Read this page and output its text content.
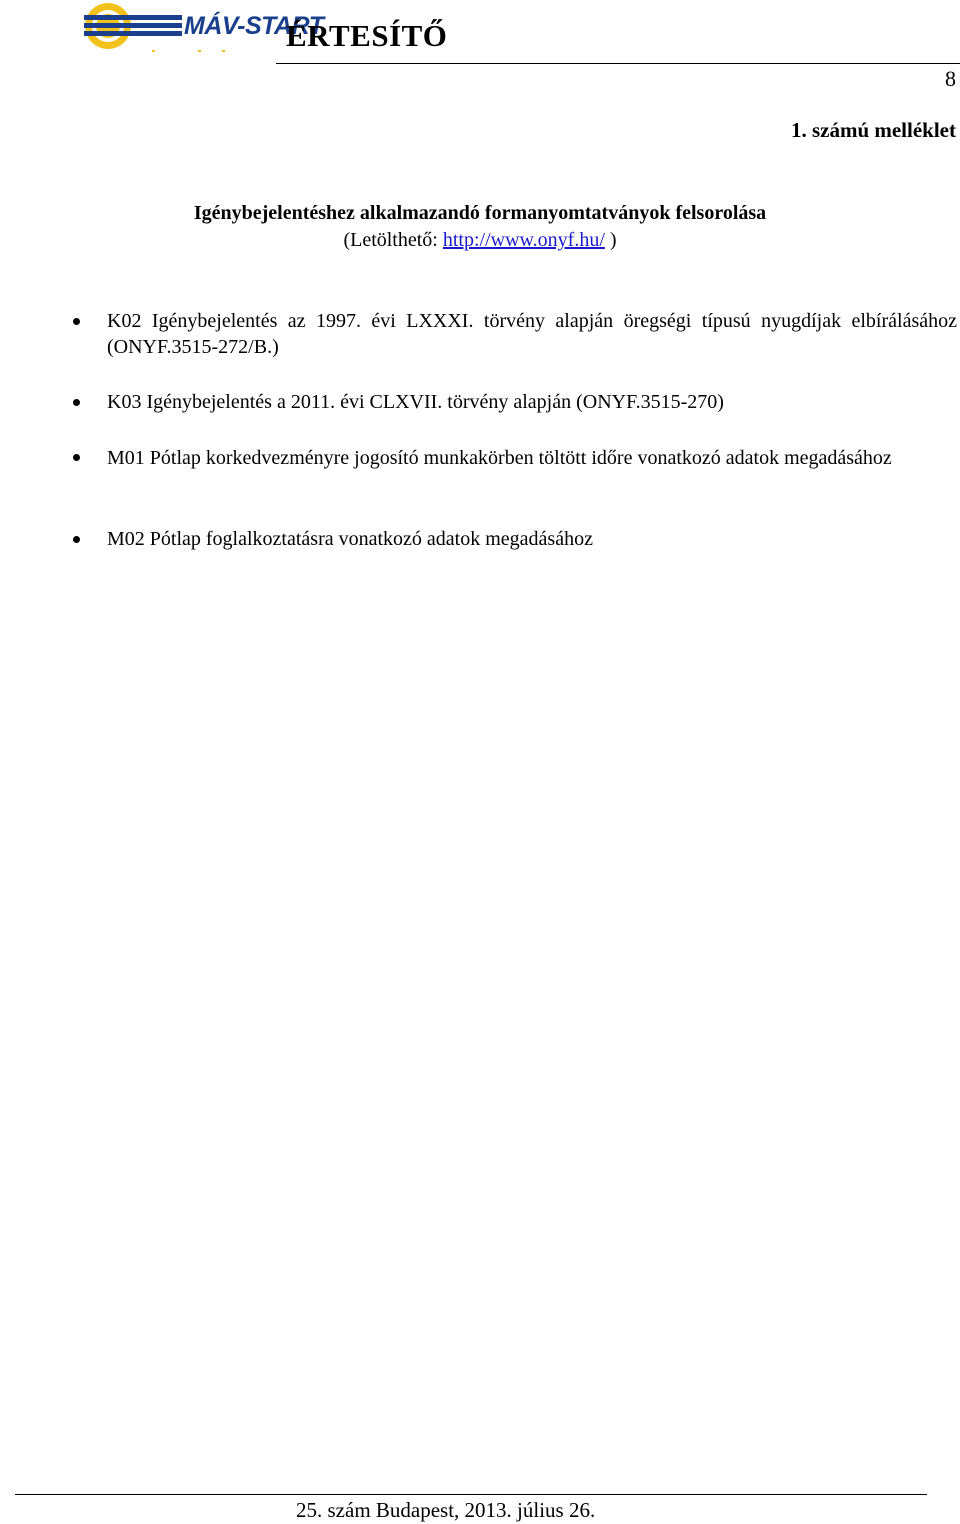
MÁV-START
ÉRTESÍTŐ
8
1. számú melléklet
Igénybejelentéshez alkalmazandó formanyomtatványok felsorolása
(Letölthető: http://www.onyf.hu/ )
K02 Igénybejelentés az 1997. évi LXXXI. törvény alapján öregségi típusú nyugdíjak elbírálásához (ONYF.3515-272/B.)
K03 Igénybejelentés a 2011. évi CLXVII. törvény alapján (ONYF.3515-270)
M01 Pótlap korkedvezményre jogosító munkakörben töltött időre vonatkozó adatok megadásához
M02 Pótlap foglalkoztatásra vonatkozó adatok megadásához
25. szám Budapest, 2013. július 26.
